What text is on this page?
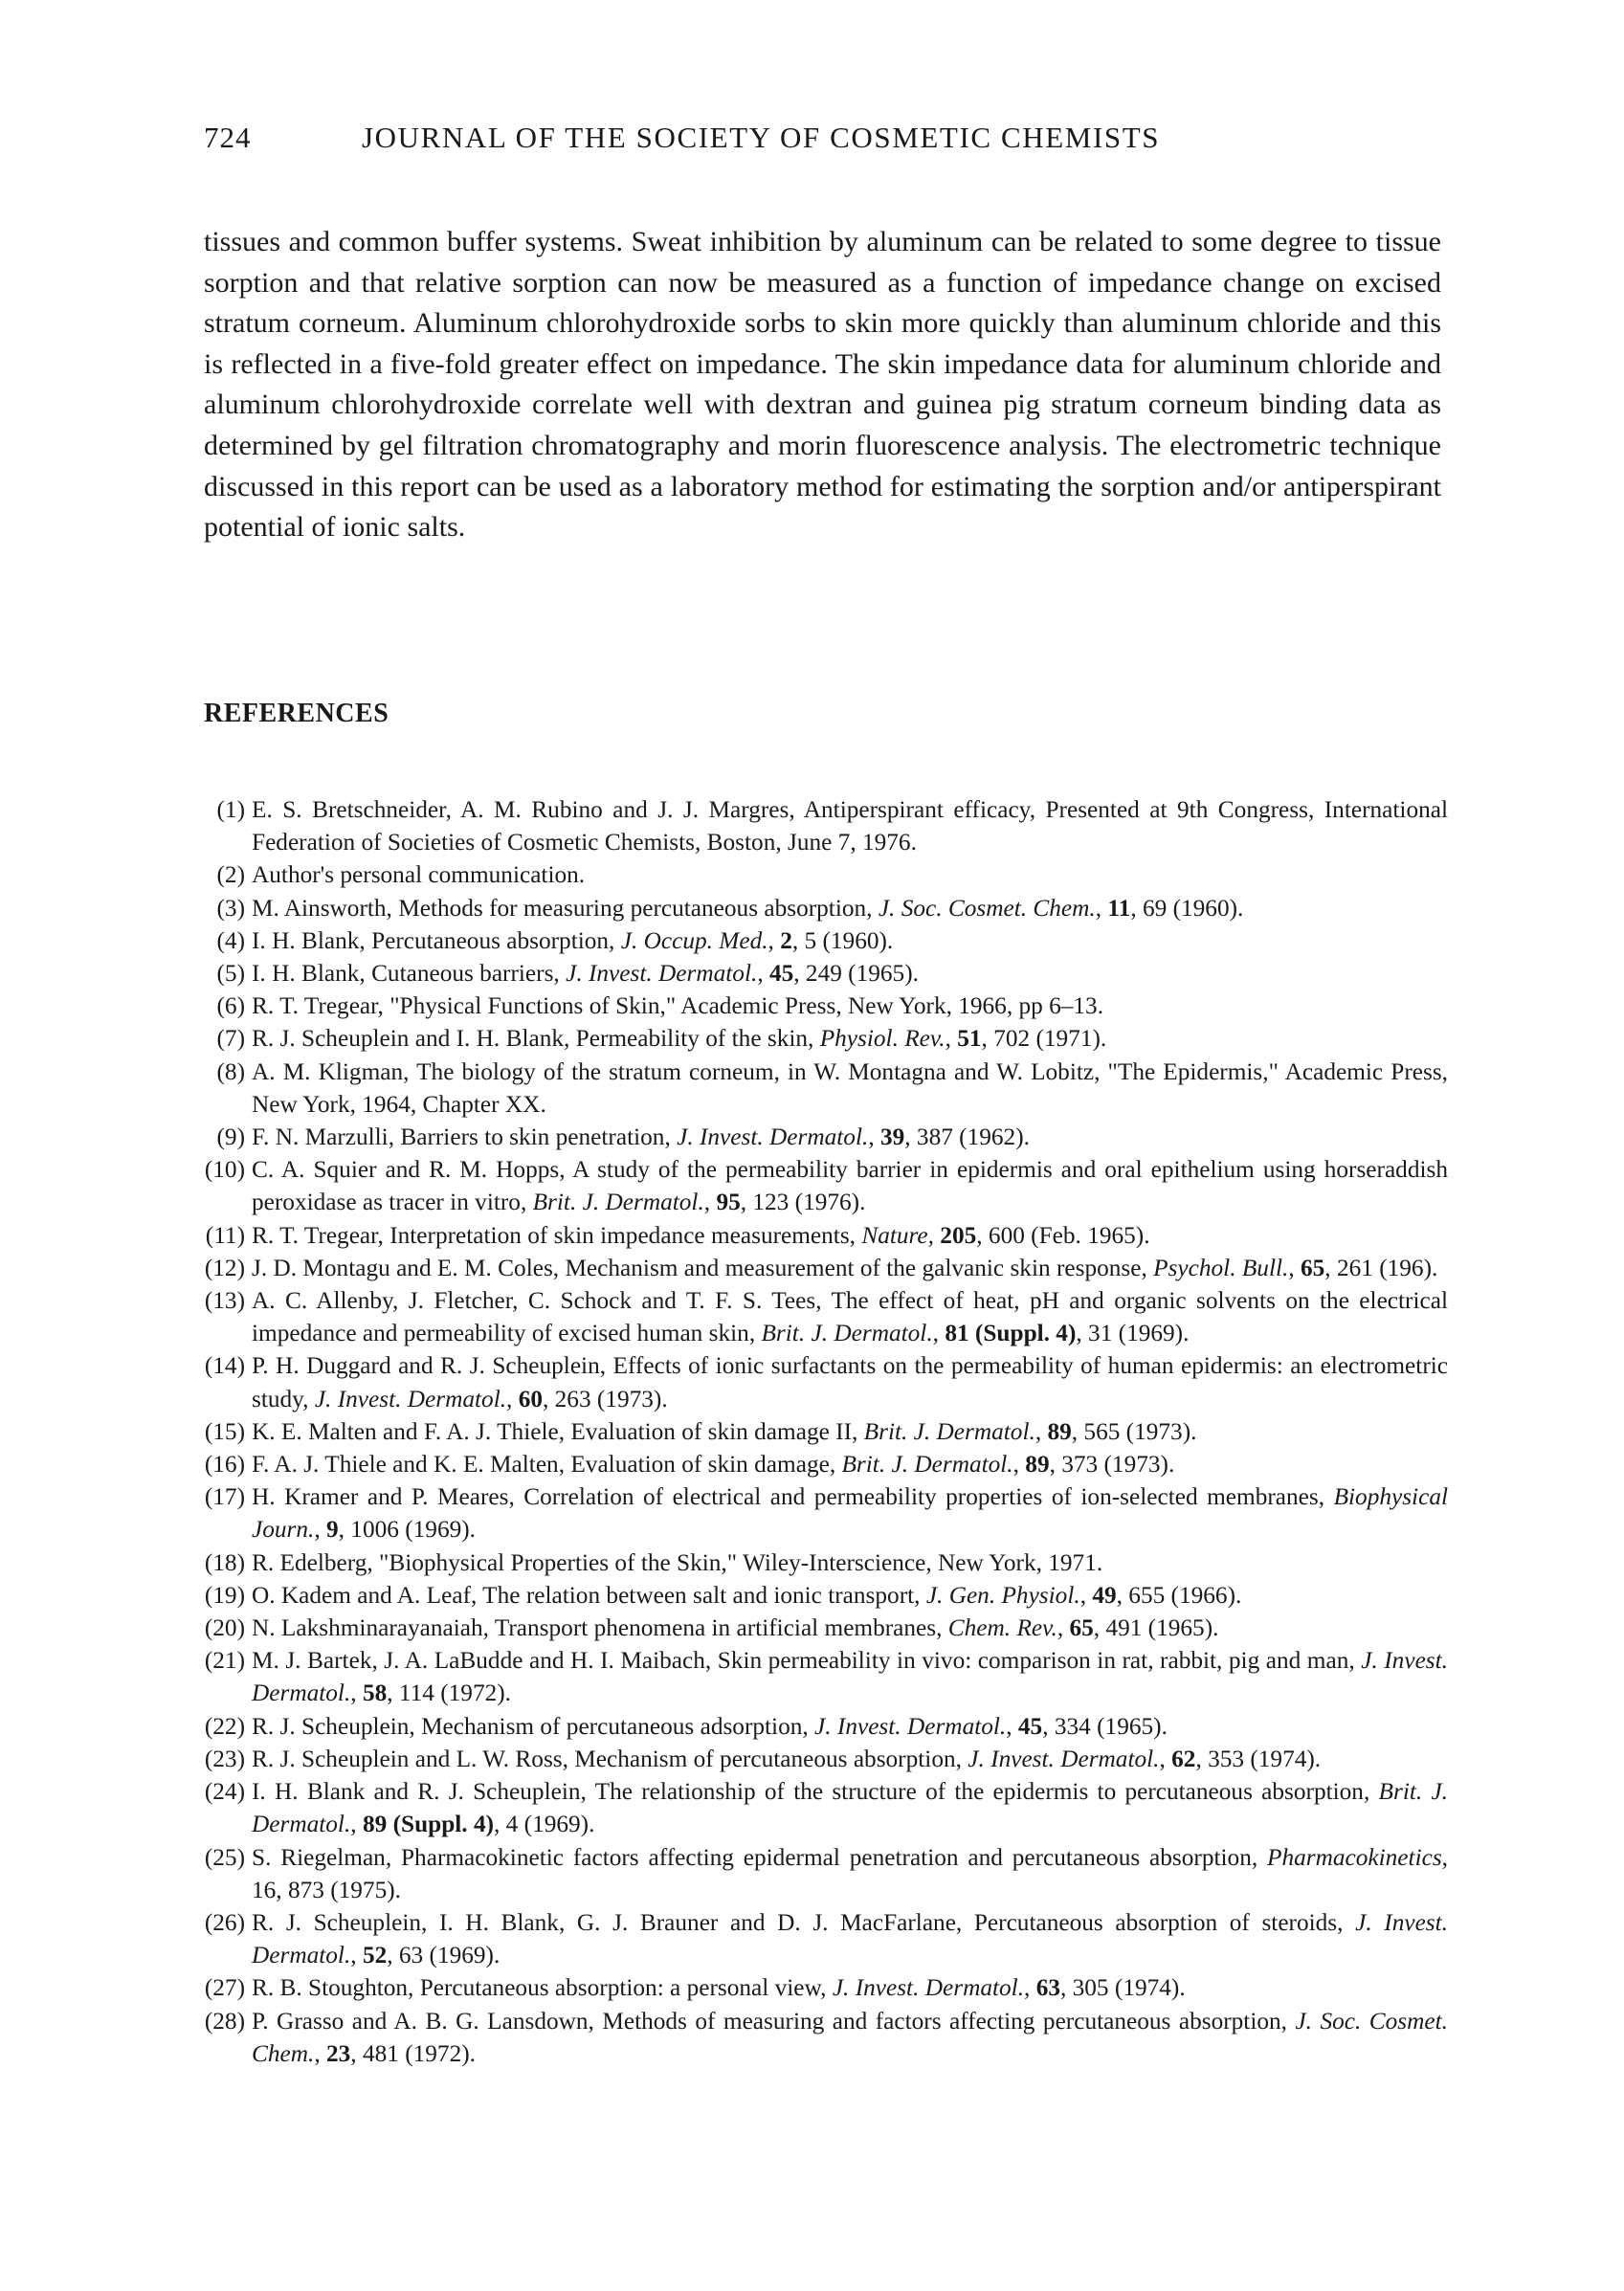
724	JOURNAL OF THE SOCIETY OF COSMETIC CHEMISTS
tissues and common buffer systems. Sweat inhibition by aluminum can be related to some degree to tissue sorption and that relative sorption can now be measured as a function of impedance change on excised stratum corneum. Aluminum chlorohydroxide sorbs to skin more quickly than aluminum chloride and this is reflected in a five-fold greater effect on impedance. The skin impedance data for aluminum chloride and aluminum chlorohydroxide correlate well with dextran and guinea pig stratum corneum binding data as determined by gel filtration chromatography and morin fluorescence analysis. The electrometric technique discussed in this report can be used as a laboratory method for estimating the sorption and/or antiperspirant potential of ionic salts.
REFERENCES
(1) E. S. Bretschneider, A. M. Rubino and J. J. Margres, Antiperspirant efficacy, Presented at 9th Congress, International Federation of Societies of Cosmetic Chemists, Boston, June 7, 1976.
(2) Author's personal communication.
(3) M. Ainsworth, Methods for measuring percutaneous absorption, J. Soc. Cosmet. Chem., 11, 69 (1960).
(4) I. H. Blank, Percutaneous absorption, J. Occup. Med., 2, 5 (1960).
(5) I. H. Blank, Cutaneous barriers, J. Invest. Dermatol., 45, 249 (1965).
(6) R. T. Tregear, "Physical Functions of Skin," Academic Press, New York, 1966, pp 6–13.
(7) R. J. Scheuplein and I. H. Blank, Permeability of the skin, Physiol. Rev., 51, 702 (1971).
(8) A. M. Kligman, The biology of the stratum corneum, in W. Montagna and W. Lobitz, "The Epidermis," Academic Press, New York, 1964, Chapter XX.
(9) F. N. Marzulli, Barriers to skin penetration, J. Invest. Dermatol., 39, 387 (1962).
(10) C. A. Squier and R. M. Hopps, A study of the permeability barrier in epidermis and oral epithelium using horseraddish peroxidase as tracer in vitro, Brit. J. Dermatol., 95, 123 (1976).
(11) R. T. Tregear, Interpretation of skin impedance measurements, Nature, 205, 600 (Feb. 1965).
(12) J. D. Montagu and E. M. Coles, Mechanism and measurement of the galvanic skin response, Psychol. Bull., 65, 261 (196).
(13) A. C. Allenby, J. Fletcher, C. Schock and T. F. S. Tees, The effect of heat, pH and organic solvents on the electrical impedance and permeability of excised human skin, Brit. J. Dermatol., 81 (Suppl. 4), 31 (1969).
(14) P. H. Duggard and R. J. Scheuplein, Effects of ionic surfactants on the permeability of human epidermis: an electrometric study, J. Invest. Dermatol., 60, 263 (1973).
(15) K. E. Malten and F. A. J. Thiele, Evaluation of skin damage II, Brit. J. Dermatol., 89, 565 (1973).
(16) F. A. J. Thiele and K. E. Malten, Evaluation of skin damage, Brit. J. Dermatol., 89, 373 (1973).
(17) H. Kramer and P. Meares, Correlation of electrical and permeability properties of ion-selected membranes, Biophysical Journ., 9, 1006 (1969).
(18) R. Edelberg, "Biophysical Properties of the Skin," Wiley-Interscience, New York, 1971.
(19) O. Kadem and A. Leaf, The relation between salt and ionic transport, J. Gen. Physiol., 49, 655 (1966).
(20) N. Lakshminarayanaiah, Transport phenomena in artificial membranes, Chem. Rev., 65, 491 (1965).
(21) M. J. Bartek, J. A. LaBudde and H. I. Maibach, Skin permeability in vivo: comparison in rat, rabbit, pig and man, J. Invest. Dermatol., 58, 114 (1972).
(22) R. J. Scheuplein, Mechanism of percutaneous adsorption, J. Invest. Dermatol., 45, 334 (1965).
(23) R. J. Scheuplein and L. W. Ross, Mechanism of percutaneous absorption, J. Invest. Dermatol., 62, 353 (1974).
(24) I. H. Blank and R. J. Scheuplein, The relationship of the structure of the epidermis to percutaneous absorption, Brit. J. Dermatol., 89 (Suppl. 4), 4 (1969).
(25) S. Riegelman, Pharmacokinetic factors affecting epidermal penetration and percutaneous absorption, Pharmacokinetics, 16, 873 (1975).
(26) R. J. Scheuplein, I. H. Blank, G. J. Brauner and D. J. MacFarlane, Percutaneous absorption of steroids, J. Invest. Dermatol., 52, 63 (1969).
(27) R. B. Stoughton, Percutaneous absorption: a personal view, J. Invest. Dermatol., 63, 305 (1974).
(28) P. Grasso and A. B. G. Lansdown, Methods of measuring and factors affecting percutaneous absorption, J. Soc. Cosmet. Chem., 23, 481 (1972).
